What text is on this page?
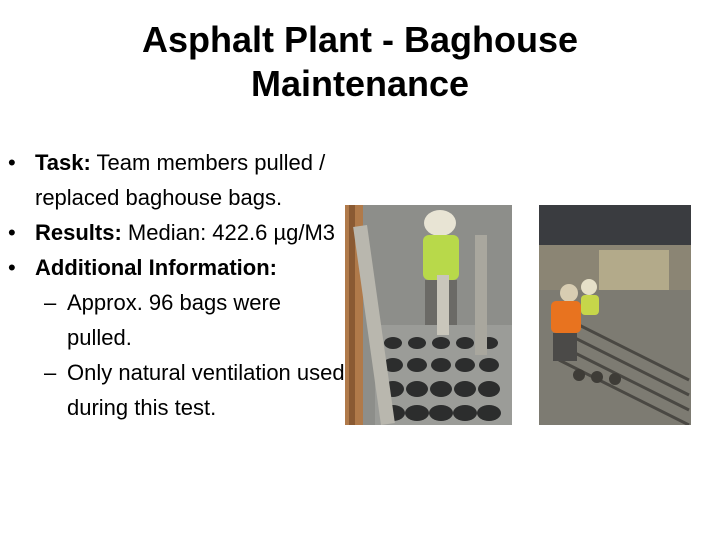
Asphalt Plant - Baghouse
Maintenance
• Task: Team members pulled / replaced baghouse bags.
• Results: Median: 422.6 µg/M3
• Additional Information:
– Approx. 96 bags were pulled.
– Only natural ventilation used during this test.
